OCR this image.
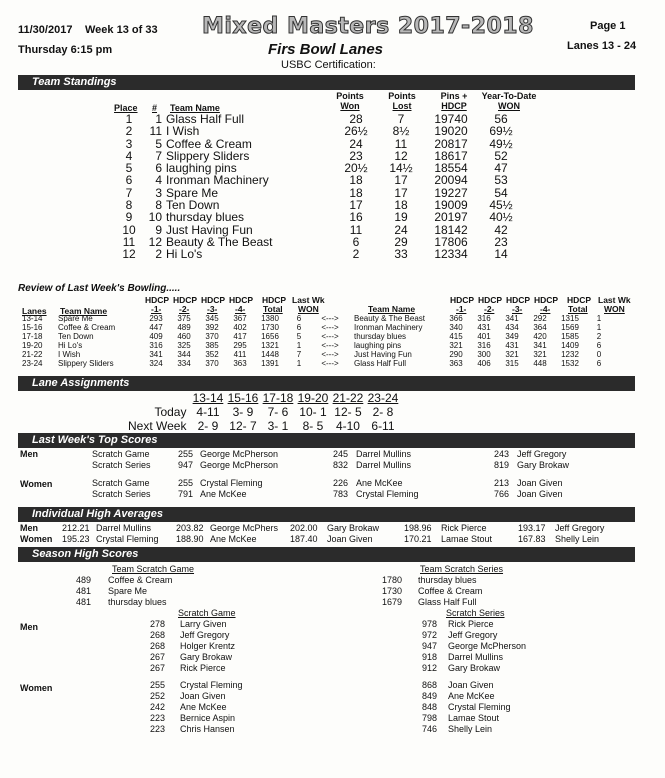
11/30/2017 Week 13 of 33 Mixed Masters 2017-2018	Page 1
Thursday 6:15 pm	Firs Bowl Lanes	Lanes 13 - 24
USBC Certification:
Team Standings
Points
Won
Points
Lost
Pins +
HDCP
Year-To-Date
WON
Place # Team Name
1	1	Glass Half Full	28	7	19740	56
2	11	I Wish	26½	8½	19020	69½
3	5	Coffee & Cream	24	11	20817	49½
4	7	Slippery Sliders	23	12	18617	52
5	6	laughing pins	20½	14½	18554	47
6	4	Ironman Machinery	18	17	20094	53
7	3	Spare Me	18	17	19227	54
8	8	Ten Down	17	18	19009	45½
9	10	thursday blues	16	19	20197	40½
10	9	Just Having Fun	11	24	18142	42
11	12	Beauty & The Beast	6	29	17806	23
12	2	Hi Lo's	2	33	12334	14
Review of Last Week's Bowling.....
HDCP HDCP HDCP HDCP HDCP Last Wk
-1- -2- -3- -4- Total WON
Lanes Team Name
HDCP HDCP HDCP HDCP HDCP Last Wk
-1- -2- -3- -4- Total WON
Team Name
13-14	Spare Me	293	375	345	367	1380	6	<--->	Beauty & The Beast	366	316	341	292	1315	1
15-16	Coffee & Cream	447	489	392	402	1730	6	<--->	Ironman Machinery	340	431	434	364	1569	1
17-18	Ten Down	409	460	370	417	1656	5	<--->	thursday blues	415	401	349	420	1585	2
19-20	Hi Lo's	316	325	385	295	1321	1	<--->	laughing pins	321	316	431	341	1409	6
21-22	I Wish	341	344	352	411	1448	7	<--->	Just Having Fun	290	300	321	321	1232	0
23-24	Slippery Sliders	324	334	370	363	1391	1	<--->	Glass Half Full	363	406	315	448	1532	6
Lane Assignments
	13-14	15-16	17-18	19-20	21-22	23-24
Today	4-11	3- 9	7- 6	10- 1	12- 5	2- 8
Next Week	2- 9	12- 7	3- 1	8- 5	4-10	6-11
Last Week's Top Scores
Men
Women
Scratch Game	255 George McPherson	245 Darrel Mullins	243 Jeff Gregory
Scratch Series	947 George McPherson	832 Darrel Mullins	819 Gary Brokaw
Scratch Game	255 Crystal Fleming	226 Ane McKee	213 Joan Given
Scratch Series	791 Ane McKee	783 Crystal Fleming	766 Joan Given
Individual High Averages
Men
Women
212.21 Darrel Mullins	203.82 George McPhers 202.00 Gary Brokaw	198.96 Rick Pierce	193.17 Jeff Gregory
195.23 Crystal Fleming 188.90 Ane McKee	187.40 Joan Given	170.21 Lamae Stout	167.83 Shelly Lein
Season High Scores
Team Scratch Game	Team Scratch Series
489 Coffee & Cream
481 Spare Me
481 thursday blues
1780 thursday blues
1730 Coffee & Cream
1679 Glass Half Full
Scratch Game	Scratch Series
Men
Women
278 Larry Given
268 Jeff Gregory
268 Holger Krentz
267 Gary Brokaw
267 Rick Pierce
978 Rick Pierce
972 Jeff Gregory
947 George McPherson
918 Darrel Mullins
912 Gary Brokaw
255 Crystal Fleming
252 Joan Given
242 Ane McKee
223 Bernice Aspin
223 Chris Hansen
868 Joan Given
849 Ane McKee
848 Crystal Fleming
798 Lamae Stout
746 Shelly Lein
